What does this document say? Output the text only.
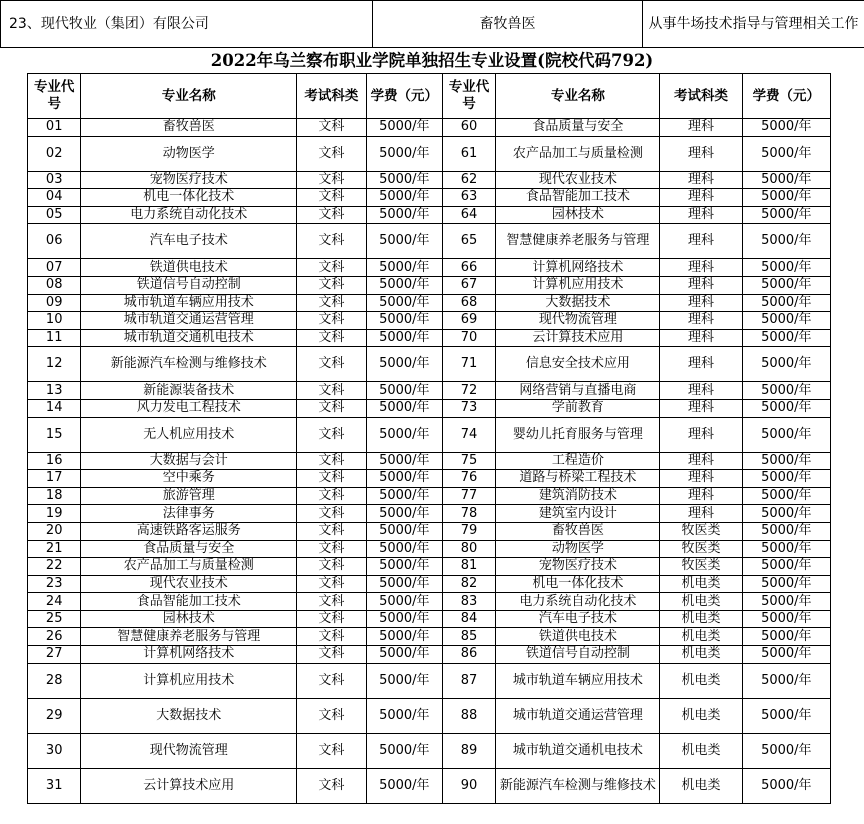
23、现代牧业（集团）有限公司	畜牧兽医	从事牛场技术指导与管理相关工作
2022年乌兰察布职业学院单独招生专业设置(院校代码792)
专业代号	专业名称	考试科类	学费（元）	专业代号	专业名称	考试科类	学费（元）
01	畜牧兽医	文科	5000/年	60	食品质量与安全	理科	5000/年
02	动物医学	文科	5000/年	61	农产品加工与质量检测	理科	5000/年
03	宠物医疗技术	文科	5000/年	62	现代农业技术	理科	5000/年
04	机电一体化技术	文科	5000/年	63	食品智能加工技术	理科	5000/年
05	电力系统自动化技术	文科	5000/年	64	园林技术	理科	5000/年
06	汽车电子技术	文科	5000/年	65	智慧健康养老服务与管理	理科	5000/年
07	铁道供电技术	文科	5000/年	66	计算机网络技术	理科	5000/年
08	铁道信号自动控制	文科	5000/年	67	计算机应用技术	理科	5000/年
09	城市轨道车辆应用技术	文科	5000/年	68	大数据技术	理科	5000/年
10	城市轨道交通运营管理	文科	5000/年	69	现代物流管理	理科	5000/年
11	城市轨道交通机电技术	文科	5000/年	70	云计算技术应用	理科	5000/年
12	新能源汽车检测与维修技术	文科	5000/年	71	信息安全技术应用	理科	5000/年
13	新能源装备技术	文科	5000/年	72	网络营销与直播电商	理科	5000/年
14	风力发电工程技术	文科	5000/年	73	学前教育	理科	5000/年
15	无人机应用技术	文科	5000/年	74	婴幼儿托育服务与管理	理科	5000/年
16	大数据与会计	文科	5000/年	75	工程造价	理科	5000/年
17	空中乘务	文科	5000/年	76	道路与桥梁工程技术	理科	5000/年
18	旅游管理	文科	5000/年	77	建筑消防技术	理科	5000/年
19	法律事务	文科	5000/年	78	建筑室内设计	理科	5000/年
20	高速铁路客运服务	文科	5000/年	79	畜牧兽医	牧医类	5000/年
21	食品质量与安全	文科	5000/年	80	动物医学	牧医类	5000/年
22	农产品加工与质量检测	文科	5000/年	81	宠物医疗技术	牧医类	5000/年
23	现代农业技术	文科	5000/年	82	机电一体化技术	机电类	5000/年
24	食品智能加工技术	文科	5000/年	83	电力系统自动化技术	机电类	5000/年
25	园林技术	文科	5000/年	84	汽车电子技术	机电类	5000/年
26	智慧健康养老服务与管理	文科	5000/年	85	铁道供电技术	机电类	5000/年
27	计算机网络技术	文科	5000/年	86	铁道信号自动控制	机电类	5000/年
28	计算机应用技术	文科	5000/年	87	城市轨道车辆应用技术	机电类	5000/年
29	大数据技术	文科	5000/年	88	城市轨道交通运营管理	机电类	5000/年
30	现代物流管理	文科	5000/年	89	城市轨道交通机电技术	机电类	5000/年
31	云计算技术应用	文科	5000/年	90	新能源汽车检测与维修技术	机电类	5000/年
